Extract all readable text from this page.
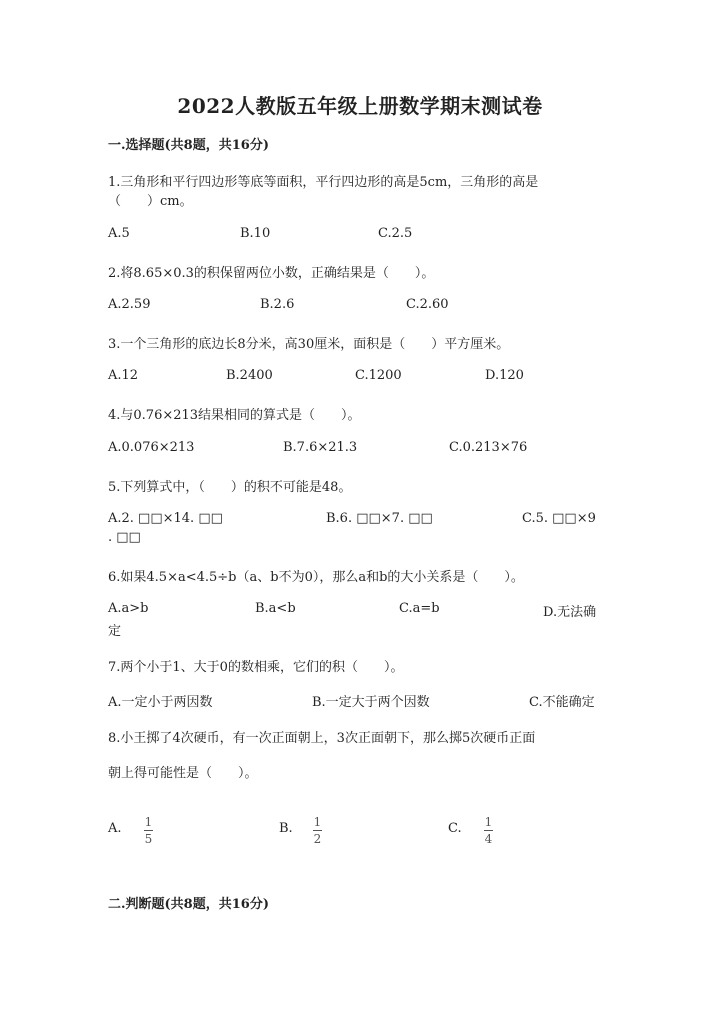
2022人教版五年级上册数学期末测试卷
一.选择题(共8题，共16分)
1.三角形和平行四边形等底等面积，平行四边形的高是5cm，三角形的高是
（　　）cm。
A.5	B.10	C.2.5
2.将8.65×0.3的积保留两位小数，正确结果是（　　）。
A.2.59	B.2.6	C.2.60
3.一个三角形的底边长8分米，高30厘米，面积是（　　）平方厘米。
A.12	B.2400	C.1200	D.120
4.与0.76×213结果相同的算式是（　　）。
A.0.076×213	B.7.6×21.3	C.0.213×76
5.下列算式中，（　　）的积不可能是48。
A.2. □□×14. □□	B.6. □□×7. □□	C.5. □□×9
. □□
6.如果4.5×a<4.5÷b（a、b不为0），那么a和b的大小关系是（　　）。
A.a>b	B.a<b	C.a=b	D.无法确
定
7.两个小于1、大于0的数相乘，它们的积（　　）。
A.一定小于两因数	B.一定大于两个因数	C.不能确定
8.小王掷了4次硬币，有一次正面朝上，3次正面朝下，那么掷5次硬币正面
朝上得可能性是（　　）。
A. 1
5
B. 1
2
C. 1
4
二.判断题(共8题，共16分)
